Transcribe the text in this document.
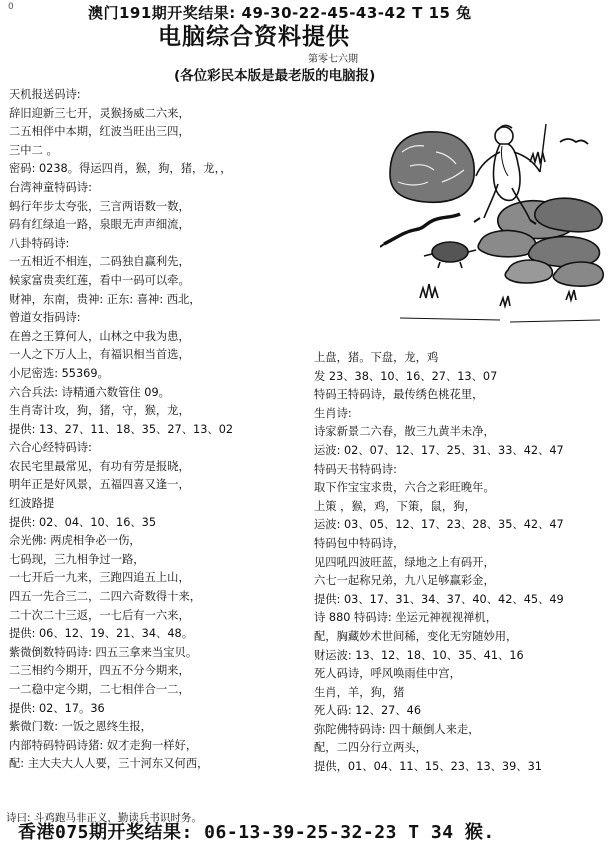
0	澳门191期开奖结果: 49-30-22-45-43-42 T 15 兔
电脑综合资料提供
第零七六期
(各位彩民本版是最老版的电脑报)
天机报送码诗:
辞旧迎新三七开，灵猴扬威二六来，
二五相伴中本期，红波当旺出三四，
三中二 。
密码: 0238。得运四肖，猴，狗，猪，龙，，
台湾神童特码诗:
蚂行年步太夸张，三言两语数一数，
码有红绿追一路，泉眼无声声细流，
八卦特码诗:
一五相近不相连，二码独自赢利先，
候家富贵卖红莲，看中一码可以牵。
财神，东南，贵神: 正东: 喜神: 西北，
曾道女指码诗:
在兽之王算何人，山林之中我为患，
一人之下万人上，有福识相当首选，
小尼密选: 55369。
六合兵法: 诗精通六数管住 09。
生肖寄计攻，狗，猪，守，猴，龙，
提供: 13、27、11、18、35、27、13、02
六合心经特码诗:
农民宅里最常见，有功有劳是报晓，
明年正是好风景，五福四喜又逢一，
红波路提
提供: 02、04、10、16、35
佘光佛: 两虎相争必一伤，
七码现，三九相争过一路，
一七开后一九来，三跑四追五上山，
四五一先合三二，二四六奇数得十来，
二十次二十三返，一七后有一六来，
提供: 06、12、19、21、34、48。
紫微倒数特码诗: 四五三拿来当宝贝。
二三相约今期开，四五不分今期来，
一二稳中定今期，二七相伴合一二，
提供: 02、17。36
紫微门数: 一饭之恩终生报，
内部特码特码诗猪: 奴才走狗一样好，
配: 主大夫大人人要，三十河东又何西，
上盘，猪。下盘，龙，鸡
发 23、38、10、16、27、13、07
特码王特码诗，最传绣色桃花里，
生肖诗:
诗家新景二六春，散三九黄半未净，
运波: 02、07、12、17、25、31、33、42、47
特码天书特码诗:
取下作宝宝求贵，六合之彩旺晚年。
上策 ，猴，鸡，下策，鼠，狗，
运波: 03、05、12、17、23、28、35、42、47
特码包中特码诗，
见四吼四波旺蓝，绿地之上有码开，
六七一起称兄弟，九八足够赢彩金，
提供: 03、17、31、34、37、40、42、45、49
诗 880 特码诗: 坐运元神视视禅机，
配，胸藏妙术世间稀，变化无穷随妙用，
财运波: 13、12、18、10、35、41、16
死人码诗，呼风唤雨佳中宫，
生肖，羊，狗，猪
死人码: 12、27、46
弥陀佛特码诗: 四十颠倒人来走，
配，二四分行立两头，
提供，01、04、11、15、23、13、39、31
诗曰: 斗鸡跑马非正义，勤读兵书识时务。
香港075期开奖结果: 06-13-39-25-32-23 T 34 猴.
